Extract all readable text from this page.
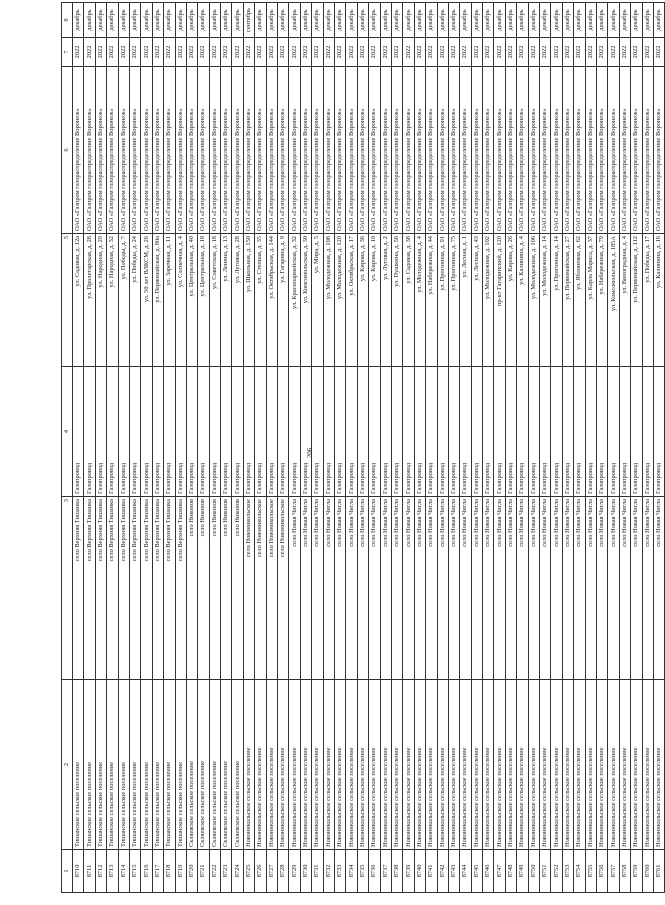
206
1	2	3	4	5	6	7	8
8710	Тишанское сельское поселение	село Верхняя Тишанка	Газопровод	ул. Садовая, д. 12а	ОАО «Газпром газораспределение Воронеж»	2022	декабрь
8711	Тишанское сельское поселение	село Верхняя Тишанка	Газопровод	ул. Пролетарская, д. 28	ОАО «Газпром газораспределение Воронеж»	2022	декабрь
8712	Тишанское сельское поселение	село Верхняя Тишанка	Газопровод	ул. Народная, д. 29	ОАО «Газпром газораспределение Воронеж»	2022	декабрь
8713	Тишанское сельское поселение	село Верхняя Тишанка	Газопровод	ул. Народная, д. 32	ОАО «Газпром газораспределение Воронеж»	2022	декабрь
8714	Тишанское сельское поселение	село Верхняя Тишанка	Газопровод	ул. Победы, д. 7	ОАО «Газпром газораспределение Воронеж»	2022	декабрь
8715	Тишанское сельское поселение	село Верхняя Тишанка	Газопровод	ул. Победы, д. 24	ОАО «Газпром газораспределение Воронеж»	2022	декабрь
8716	Тишанское сельское поселение	село Верхняя Тишанка	Газопровод	ул. 50 лет ВЛКСМ, д. 26	ОАО «Газпром газораспределение Воронеж»	2022	декабрь
8717	Тишанское сельское поселение	село Верхняя Тишанка	Газопровод	ул. Первомайская, д. 80а	ОАО «Газпром газораспределение Воронеж»	2022	декабрь
8718	Тишанское сельское поселение	село Верхняя Тишанка	Газопровод	ул. Заречная, д. 11	ОАО «Газпром газораспределение Воронеж»	2022	декабрь
8719	Тишанское сельское поселение	село Верхняя Тишанка	Газопровод	ул. Солнечная, д. 4	ОАО «Газпром газораспределение Воронеж»	2022	декабрь
8720	Скляевское сельское поселение	село Никонов	Газопровод	ул. Центральная, д. 40	ОАО «Газпром газораспределение Воронеж»	2022	декабрь
8721	Скляевское сельское поселение	село Никонов	Газопровод	ул. Центральная, д. 18	ОАО «Газпром газораспределение Воронеж»	2022	декабрь
8722	Скляевское сельское поселение	село Никонов	Газопровод	ул. Советская, д. 18	ОАО «Газпром газораспределение Воронеж»	2022	декабрь
8723	Скляевское сельское поселение	село Никонов	Газопровод	ул. Ленина, д. 13	ОАО «Газпром газораспределение Воронеж»	2022	декабрь
8724	Скляевское сельское поселение	село Никонов	Газопровод	ул. Луговая, д. 28	ОАО «Газпром газораспределение Воронеж»	2022	декабрь
8725	Новоникольское сельское поселение	село Новоникольское	Газопровод	ул. Школьная, д. 150	ОАО «Газпром газораспределение Воронеж»	2022	сентябрь
8726	Новоникольское сельское поселение	село Новоникольское	Газопровод	ул. Степная, д. 35	ОАО «Газпром газораспределение Воронеж»	2022	декабрь
8727	Новоникольское сельское поселение	село Новоникольское	Газопровод	ул. Октябрьская, д. 144	ОАО «Газпром газораспределение Воронеж»	2022	декабрь
8728	Новоникольское сельское поселение	село Новоникольское	Газопровод	ул. Гагарина, д. 9	ОАО «Газпром газораспределение Воронеж»	2022	декабрь
8729	Новоникольское сельское поселение	село Новая Чигла	Газопровод	ул. Красноармейская, д. 32	ОАО «Газпром газораспределение Воронеж»	2022	декабрь
8730	Новоникольское сельское поселение	село Новая Чигла	Газопровод	ул. Комсомольская, д. 30	ОАО «Газпром газораспределение Воронеж»	2022	декабрь
8731	Новоникольское сельское поселение	село Новая Чигла	Газопровод	ул. Мира, д. 5	ОАО «Газпром газораспределение Воронеж»	2022	декабрь
8732	Новоникольское сельское поселение	село Новая Чигла	Газопровод	ул. Молодежная, д. 108	ОАО «Газпром газораспределение Воронеж»	2022	декабрь
8733	Новоникольское сельское поселение	село Новая Чигла	Газопровод	ул. Молодежная, д. 120	ОАО «Газпром газораспределение Воронеж»	2022	декабрь
8734	Новоникольское сельское поселение	село Новая Чигла	Газопровод	ул. Октябрьская, д. 17	ОАО «Газпром газораспределение Воронеж»	2022	декабрь
8735	Новоникольское сельское поселение	село Новая Чигла	Газопровод	ул. Кирова, д. 36	ОАО «Газпром газораспределение Воронеж»	2022	декабрь
8736	Новоникольское сельское поселение	село Новая Чигла	Газопровод	ул. Кирова, д. 10	ОАО «Газпром газораспределение Воронеж»	2022	декабрь
8737	Новоникольское сельское поселение	село Новая Чигла	Газопровод	ул. Луговая, д. 2	ОАО «Газпром газораспределение Воронеж»	2022	декабрь
8738	Новоникольское сельское поселение	село Новая Чигла	Газопровод	ул. Пушкина, д. 56	ОАО «Газпром газораспределение Воронеж»	2022	декабрь
8739	Новоникольское сельское поселение	село Новая Чигла	Газопровод	ул. Садовая, д. 38	ОАО «Газпром газораспределение Воронеж»	2022	декабрь
8740	Новоникольское сельское поселение	село Новая Чигла	Газопровод	ул. Молодежная, д. 4	ОАО «Газпром газораспределение Воронеж»	2022	декабрь
8741	Новоникольское сельское поселение	село Новая Чигла	Газопровод	ул. Набережная, д. 44	ОАО «Газпром газораспределение Воронеж»	2022	декабрь
8742	Новоникольское сельское поселение	село Новая Чигла	Газопровод	ул. Прогонная, д. 91	ОАО «Газпром газораспределение Воронеж»	2022	декабрь
8743	Новоникольское сельское поселение	село Новая Чигла	Газопровод	ул. Прогонная, д. 75	ОАО «Газпром газораспределение Воронеж»	2022	декабрь
8744	Новоникольское сельское поселение	село Новая Чигла	Газопровод	ул. Лесная, д. 1	ОАО «Газпром газораспределение Воронеж»	2022	декабрь
8745	Новоникольское сельское поселение	село Новая Чигла	Газопровод	ул. Лесная, д. 43	ОАО «Газпром газораспределение Воронеж»	2022	декабрь
8746	Новоникольское сельское поселение	село Новая Чигла	Газопровод	ул. Молодежная, д. 102	ОАО «Газпром газораспределение Воронеж»	2022	декабрь
8747	Новоникольское сельское поселение	село Новая Чигла	Газопровод	пр-кт Гагаринский, д. 120	ОАО «Газпром газораспределение Воронеж»	2022	декабрь
8748	Новоникольское сельское поселение	село Новая Чигла	Газопровод	ул. Кирова, д. 26	ОАО «Газпром газораспределение Воронеж»	2022	декабрь
8749	Новоникольское сельское поселение	село Новая Чигла	Газопровод	ул. Калинина, д. 4	ОАО «Газпром газораспределение Воронеж»	2022	декабрь
8750	Новоникольское сельское поселение	село Новая Чигла	Газопровод	ул. Молодежная, д. 106	ОАО «Газпром газораспределение Воронеж»	2022	декабрь
8751	Новоникольское сельское поселение	село Новая Чигла	Газопровод	ул. Молодежная, д. 14	ОАО «Газпром газораспределение Воронеж»	2022	декабрь
8752	Новоникольское сельское поселение	село Новая Чигла	Газопровод	ул. Прогонная, д. 14	ОАО «Газпром газораспределение Воронеж»	2022	декабрь
8753	Новоникольское сельское поселение	село Новая Чигла	Газопровод	ул. Первомайская, д. 27	ОАО «Газпром газораспределение Воронеж»	2022	декабрь
8754	Новоникольское сельское поселение	село Новая Чигла	Газопровод	ул. Яблоневая, д. 62	ОАО «Газпром газораспределение Воронеж»	2022	декабрь
8755	Новоникольское сельское поселение	село Новая Чигла	Газопровод	ул. Карла Маркса, д. 37	ОАО «Газпром газораспределение Воронеж»	2022	декабрь
8756	Новоникольское сельское поселение	село Новая Чигла	Газопровод	ул. Набережная, д. 79	ОАО «Газпром газораспределение Воронеж»	2022	декабрь
8757	Новоникольское сельское поселение	село Новая Чигла	Газопровод	ул. Комсомольская, д. 185А	ОАО «Газпром газораспределение Воронеж»	2022	декабрь
8758	Новоникольское сельское поселение	село Новая Чигла	Газопровод	ул. Виноградная, д. 4	ОАО «Газпром газораспределение Воронеж»	2022	декабрь
8759	Новоникольское сельское поселение	село Новая Чигла	Газопровод	ул. Первомайская, д. 112	ОАО «Газпром газораспределение Воронеж»	2022	декабрь
8760	Новоникольское сельское поселение	село Новая Чигла	Газопровод	ул. Победы, д. 17	ОАО «Газпром газораспределение Воронеж»	2022	декабрь
8761	Новоникольское сельское поселение	село Новая Чигла	Газопровод	ул. Калинина, д. 16	ОАО «Газпром газораспределение Воронеж»	2022	декабрь
